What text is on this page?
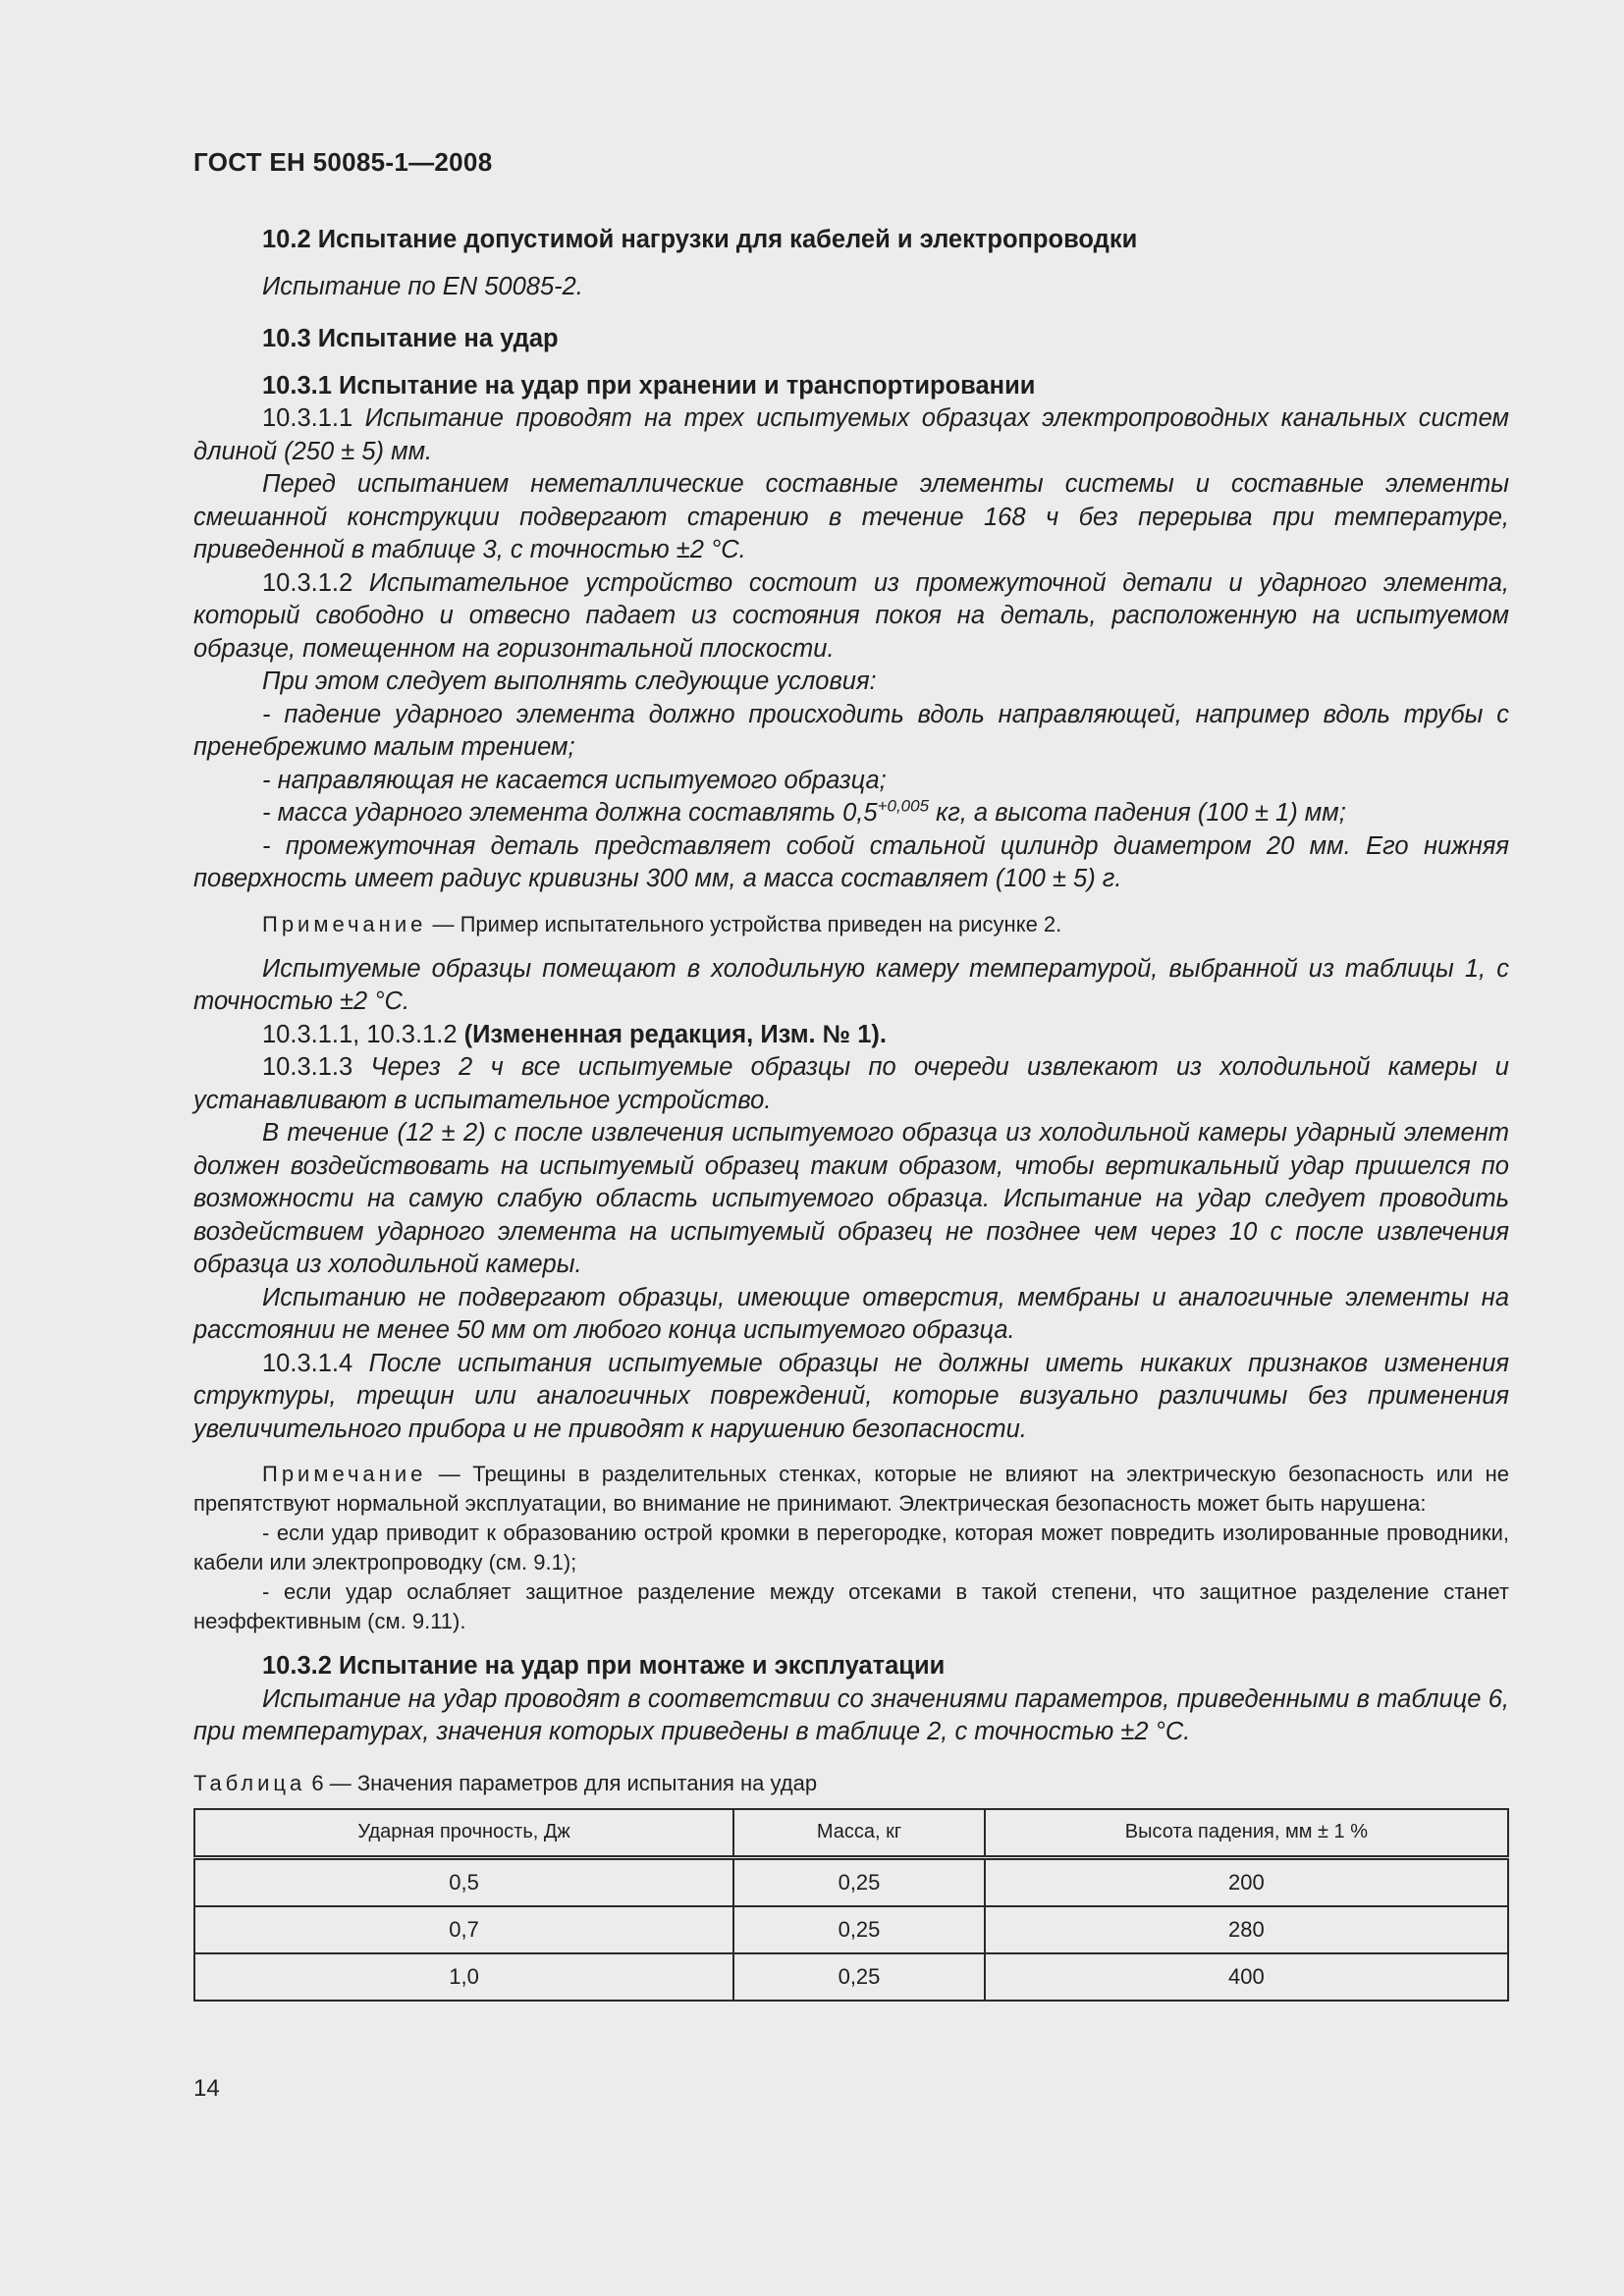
ГОСТ ЕН 50085-1—2008

10.2 Испытание допустимой нагрузки для кабелей и электропроводки

Испытание по EN 50085-2.

10.3 Испытание на удар

10.3.1 Испытание на удар при хранении и транспортировании

10.3.1.1 Испытание проводят на трех испытуемых образцах электропроводных канальных систем длиной (250 ± 5) мм.

Перед испытанием неметаллические составные элементы системы и составные элементы смешанной конструкции подвергают старению в течение 168 ч без перерыва при температуре, приведенной в таблице 3, с точностью ±2 °С.

10.3.1.2 Испытательное устройство состоит из промежуточной детали и ударного элемента, который свободно и отвесно падает из состояния покоя на деталь, расположенную на испытуемом образце, помещенном на горизонтальной плоскости.

При этом следует выполнять следующие условия:

- падение ударного элемента должно происходить вдоль направляющей, например вдоль трубы с пренебрежимо малым трением;

- направляющая не касается испытуемого образца;

- масса ударного элемента должна составлять $0,5^{+0,005}$ кг, а высота падения (100 ± 1) мм;

- промежуточная деталь представляет собой стальной цилиндр диаметром 20 мм. Его нижняя поверхность имеет радиус кривизны 300 мм, а масса составляет (100 ± 5) г.

Примечание — Пример испытательного устройства приведен на рисунке 2.

Испытуемые образцы помещают в холодильную камеру температурой, выбранной из таблицы 1, с точностью ±2 °С.

10.3.1.1, 10.3.1.2 (Измененная редакция, Изм. № 1).

10.3.1.3 Через 2 ч все испытуемые образцы по очереди извлекают из холодильной камеры и устанавливают в испытательное устройство.

В течение (12 ± 2) с после извлечения испытуемого образца из холодильной камеры ударный элемент должен воздействовать на испытуемый образец таким образом, чтобы вертикальный удар пришелся по возможности на самую слабую область испытуемого образца. Испытание на удар следует проводить воздействием ударного элемента на испытуемый образец не позднее чем через 10 с после извлечения образца из холодильной камеры.

Испытанию не подвергают образцы, имеющие отверстия, мембраны и аналогичные элементы на расстоянии не менее 50 мм от любого конца испытуемого образца.

10.3.1.4 После испытания испытуемые образцы не должны иметь никаких признаков изменения структуры, трещин или аналогичных повреждений, которые визуально различимы без применения увеличительного прибора и не приводят к нарушению безопасности.

Примечание — Трещины в разделительных стенках, которые не влияют на электрическую безопасность или не препятствуют нормальной эксплуатации, во внимание не принимают. Электрическая безопасность может быть нарушена:

- если удар приводит к образованию острой кромки в перегородке, которая может повредить изолированные проводники, кабели или электропроводку (см. 9.1);

- если удар ослабляет защитное разделение между отсеками в такой степени, что защитное разделение станет неэффективным (см. 9.11).

10.3.2 Испытание на удар при монтаже и эксплуатации

Испытание на удар проводят в соответствии со значениями параметров, приведенными в таблице 6, при температурах, значения которых приведены в таблице 2, с точностью ±2 °С.

Таблица 6 — Значения параметров для испытания на удар

Ударная прочность, Дж	Масса, кг	Высота падения, мм ± 1 %
0,5	0,25	200
0,7	0,25	280
1,0	0,25	400
14
